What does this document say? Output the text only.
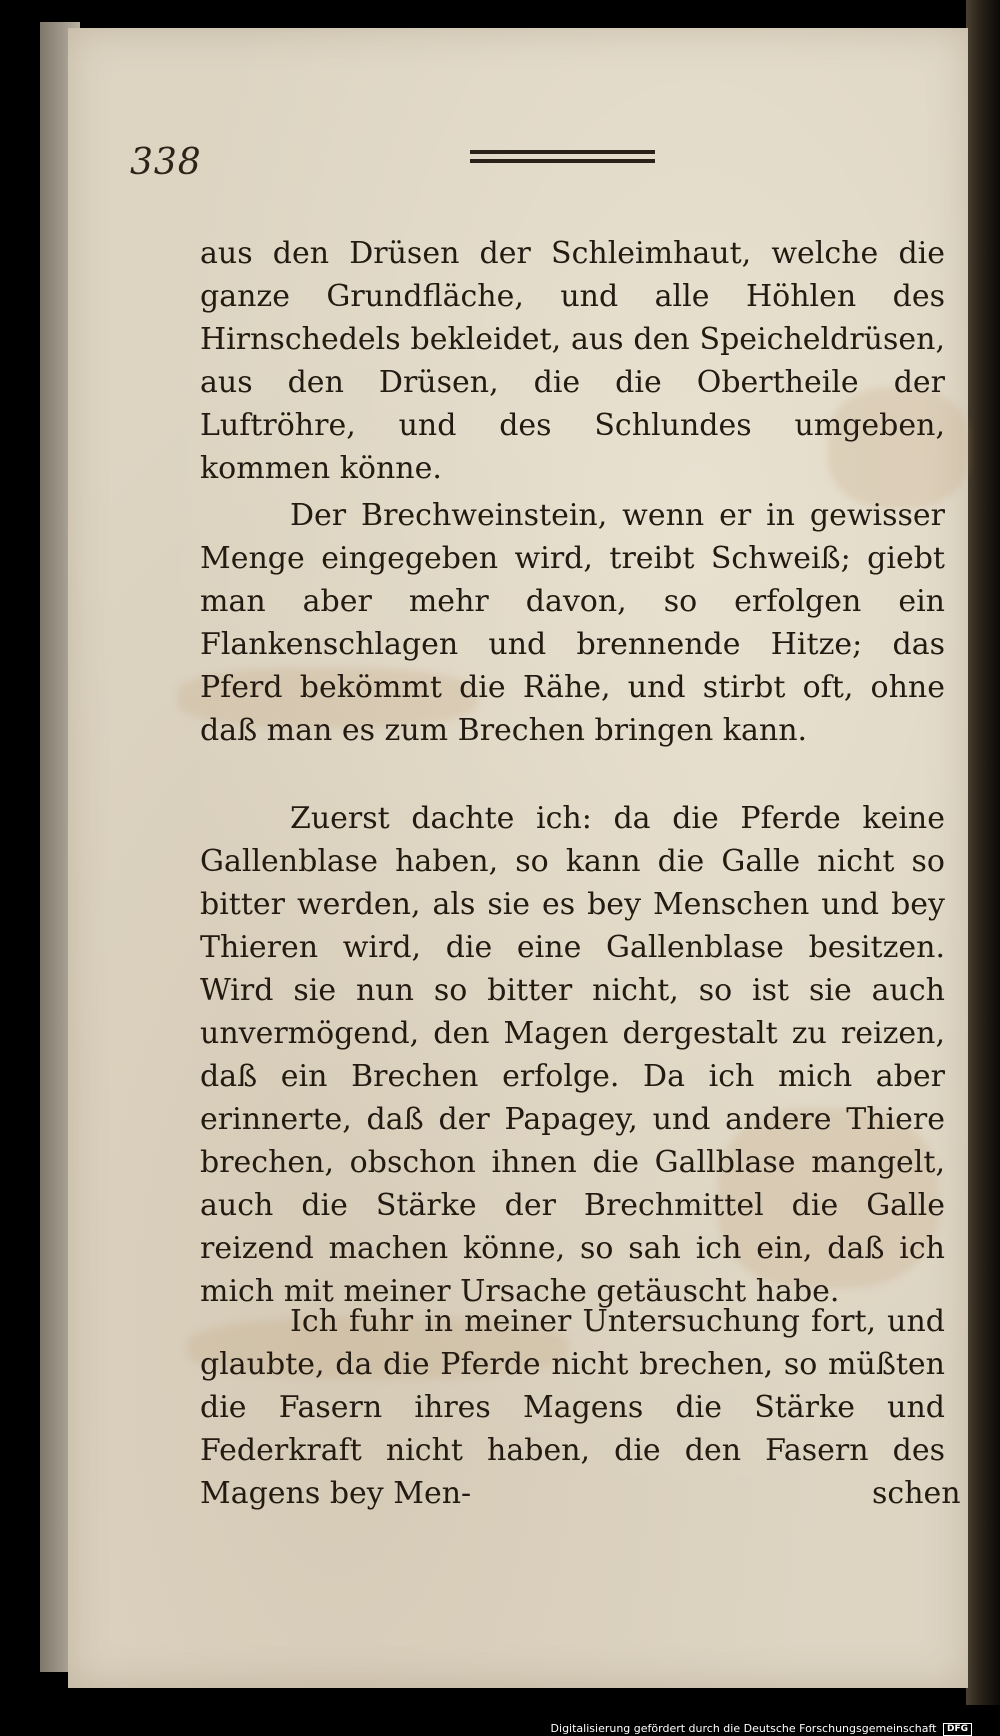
338

aus den Drüsen der Schleimhaut, welche die ganze Grundfläche, und alle Höhlen des Hirnschedels bekleidet, aus den Speicheldrüsen, aus den Drüsen, die die Obertheile der Luftröhre, und des Schlundes umgeben, kommen könne.

Der Brechweinstein, wenn er in gewisser Menge eingegeben wird, treibt Schweiß; giebt man aber mehr davon, so erfolgen ein Flankenschlagen und brennende Hitze; das Pferd bekömmt die Rähe, und stirbt oft, ohne daß man es zum Brechen bringen kann.

Zuerst dachte ich: da die Pferde keine Gallenblase haben, so kann die Galle nicht so bitter werden, als sie es bey Menschen und bey Thieren wird, die eine Gallenblase besitzen. Wird sie nun so bitter nicht, so ist sie auch unvermögend, den Magen dergestalt zu reizen, daß ein Brechen erfolge. Da ich mich aber erinnerte, daß der Papagey, und andere Thiere brechen, obschon ihnen die Gallblase mangelt, auch die Stärke der Brechmittel die Galle reizend machen könne, so sah ich ein, daß ich mich mit meiner Ursache getäuscht habe.

Ich fuhr in meiner Untersuchung fort, und glaubte, da die Pferde nicht brechen, so müßten die Fasern ihres Magens die Stärke und Federkraft nicht haben, die den Fasern des Magens bey Men-	schen
Digitalisierung gefördert durch die Deutsche Forschungsgemeinschaft DFG
